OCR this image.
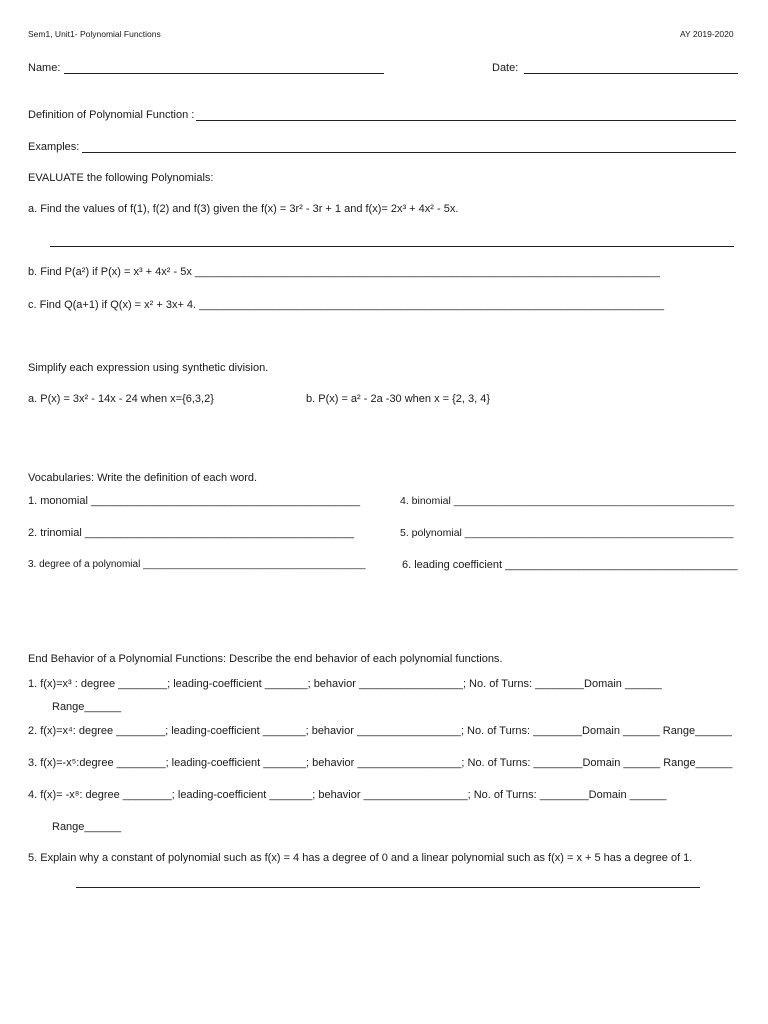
Sem1, Unit1- Polynomial Functions	AY 2019-2020
Name:	Date:
Definition of Polynomial Function :
Examples:
EVALUATE the following Polynomials:
a. Find the values of f(1), f(2) and f(3) given the f(x) = 3r² - 3r + 1 and f(x)= 2x³ + 4x² - 5x.
b. Find P(a²) if P(x) = x³ + 4x² - 5x ____________________________________________________________________________
c. Find Q(a+1) if Q(x) = x² + 3x+ 4. ____________________________________________________________________________
Simplify each expression using synthetic division.
a. P(x) = 3x² - 14x - 24 when x={6,3,2}	b. P(x) = a² - 2a -30 when x = {2, 3, 4}
Vocabularies: Write the definition of each word.
1. monomial ____________________________________________	4. binomial ________________________________________________
2. trinomial ____________________________________________	5. polynomial ______________________________________________
3. degree of a polynomial ________________________________________	6. leading coefficient ______________________________________
End Behavior of a Polynomial Functions: Describe the end behavior of each polynomial functions.
1. f(x)=x³ : degree ________; leading-coefficient _______; behavior _________________; No. of Turns: ________Domain ______
Range______
2. f(x)=x⁴: degree ________; leading-coefficient _______; behavior _________________; No. of Turns: ________Domain ______ Range______
3. f(x)=-x⁵:degree ________; leading-coefficient _______; behavior _________________; No. of Turns: ________Domain ______ Range______
4. f(x)= -x⁸: degree ________; leading-coefficient _______; behavior _________________; No. of Turns: ________Domain ______
Range______
5. Explain why a constant of polynomial such as f(x) = 4 has a degree of 0 and a linear polynomial such as f(x) = x + 5 has a degree of 1.
